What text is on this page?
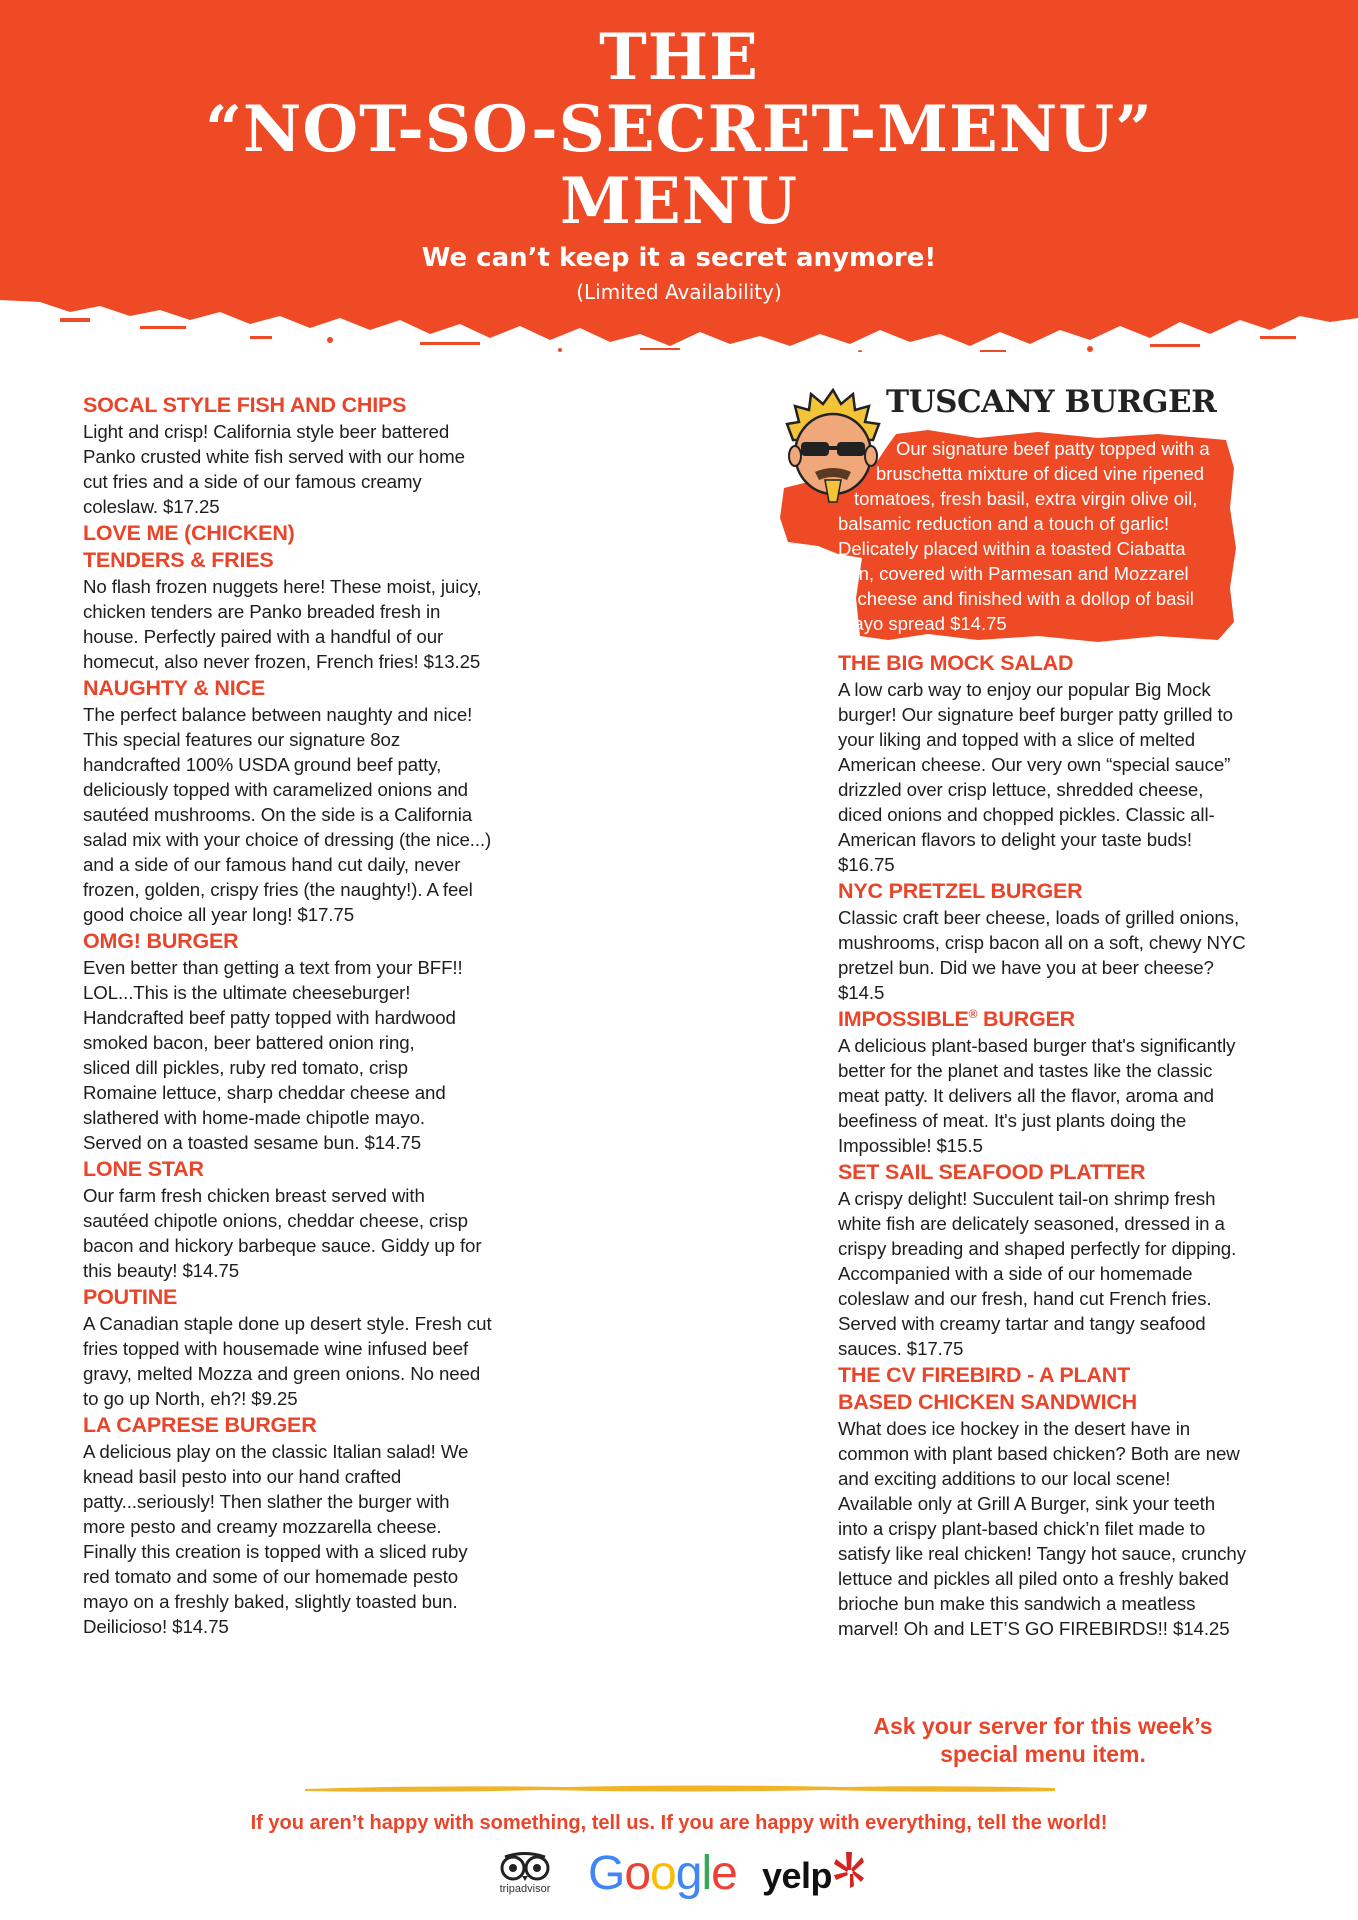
THE
“NOT-SO-SECRET-MENU”
MENU
We can’t keep it a secret anymore!
(Limited Availability)
SOCAL STYLE FISH AND CHIPS
Light and crisp! California style beer battered Panko crusted white fish served with our home cut fries and a side of our famous creamy coleslaw. $17.25
LOVE ME (CHICKEN) TENDERS & FRIES
No flash frozen nuggets here! These moist, juicy, chicken tenders are Panko breaded fresh in house. Perfectly paired with a handful of our homecut, also never frozen, French fries! $13.25
NAUGHTY & NICE
The perfect balance between naughty and nice! This special features our signature 8oz handcrafted 100% USDA ground beef patty, deliciously topped with caramelized onions and sautéed mushrooms. On the side is a California salad mix with your choice of dressing (the nice...) and a side of our famous hand cut daily, never frozen, golden, crispy fries (the naughty!). A feel good choice all year long! $17.75
OMG! BURGER
Even better than getting a text from your BFF!! LOL...This is the ultimate cheeseburger! Handcrafted beef patty topped with hardwood smoked bacon, beer battered onion ring, sliced dill pickles, ruby red tomato, crisp Romaine lettuce, sharp cheddar cheese and slathered with home-made chipotle mayo. Served on a toasted sesame bun. $14.75
LONE STAR
Our farm fresh chicken breast served with sautéed chipotle onions, cheddar cheese, crisp bacon and hickory barbeque sauce. Giddy up for this beauty! $14.75
POUTINE
A Canadian staple done up desert style. Fresh cut fries topped with housemade wine infused beef gravy, melted Mozza and green onions. No need to go up North, eh?! $9.25
LA CAPRESE BURGER
A delicious play on the classic Italian salad! We knead basil pesto into our hand crafted patty...seriously! Then slather the burger with more pesto and creamy mozzarella cheese. Finally this creation is topped with a sliced ruby red tomato and some of our homemade pesto mayo on a freshly baked, slightly toasted bun. Deilicioso! $14.75
Our signature beef patty topped with a
bruschetta mixture of diced vine ripened
tomatoes, fresh basil, extra virgin olive oil,
balsamic reduction and a touch of garlic!
Delicately placed within a toasted Ciabatta
bun, covered with Parmesan and Mozzarel
la cheese and finished with a dollop of basil
mayo spread $14.75
TUSCANY BURGER
THE BIG MOCK SALAD
A low carb way to enjoy our popular Big Mock burger! Our signature beef burger patty grilled to your liking and topped with a slice of melted American cheese. Our very own “special sauce” drizzled over crisp lettuce, shredded cheese, diced onions and chopped pickles. Classic all-American flavors to delight your taste buds! $16.75
NYC PRETZEL BURGER
Classic craft beer cheese, loads of grilled onions, mushrooms, crisp bacon all on a soft, chewy NYC pretzel bun. Did we have you at beer cheese? $14.5
IMPOSSIBLE® BURGER
A delicious plant-based burger that's significantly better for the planet and tastes like the classic meat patty. It delivers all the flavor, aroma and beefiness of meat. It's just plants doing the Impossible! $15.5
SET SAIL SEAFOOD PLATTER
A crispy delight! Succulent tail-on shrimp fresh white fish are delicately seasoned, dressed in a crispy breading and shaped perfectly for dipping. Accompanied with a side of our homemade coleslaw and our fresh, hand cut French fries. Served with creamy tartar and tangy seafood sauces. $17.75
THE CV FIREBIRD - A PLANT BASED CHICKEN SANDWICH
What does ice hockey in the desert have in common with plant based chicken? Both are new and exciting additions to our local scene! Available only at Grill A Burger, sink your teeth into a crispy plant-based chick’n filet made to satisfy like real chicken! Tangy hot sauce, crunchy lettuce and pickles all piled onto a freshly baked brioche bun make this sandwich a meatless marvel! Oh and LET’S GO FIREBIRDS!! $14.25
Ask your server for this week’s special menu item.
If you aren’t happy with something, tell us. If you are happy with everything, tell the world!
tripadvisor Google yelp
